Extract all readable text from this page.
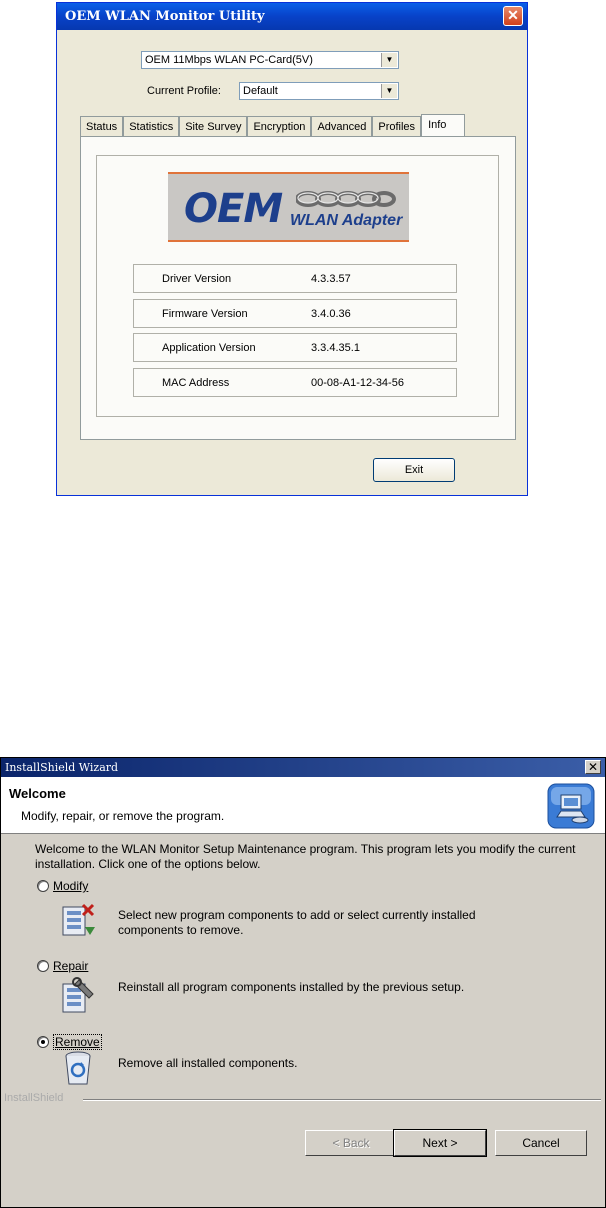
OEM WLAN Monitor Utility	✕
OEM 11Mbps WLAN PC-Card(5V)	▼
Current Profile:	Default	▼
Status	Statistics	Site Survey	Encryption	Advanced	Profiles	Info
OEM WLAN Adapter
Driver Version	4.3.3.57
Firmware Version	3.4.0.36
Application Version	3.3.4.35.1
MAC Address	00-08-A1-12-34-56
Exit
InstallShield Wizard	✕
Welcome
Modify, repair, or remove the program.
Welcome to the WLAN Monitor Setup Maintenance program. This program lets you modify the current installation. Click one of the options below.
Modify
Select new program components to add or select currently installed components to remove.
Repair
Reinstall all program components installed by the previous setup.
Remove
Remove all installed components.
InstallShield
< Back	Next >	Cancel
